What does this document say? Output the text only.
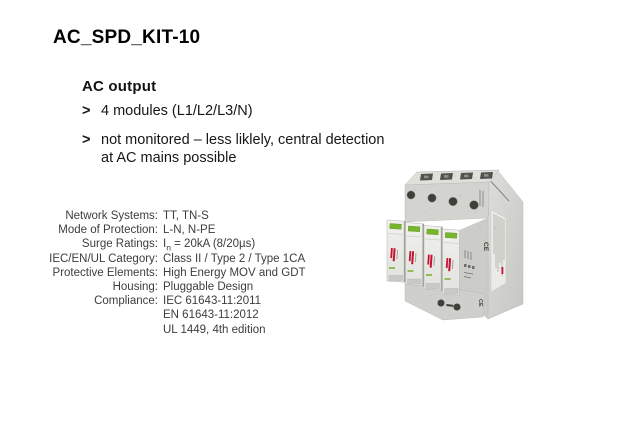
AC_SPD_KIT-10
AC output
> 4 modules (L1/L2/L3/N)
> not monitored – less liklely, central detection
at AC mains possible
Network Systems: TT, TN-S
Mode of Protection: L-N, N-PE
Surge Ratings: $I_n = 20kA$ (8/20µs)
IEC/EN/UL Category: Class II / Type 2 / Type 1CA
Protective Elements: High Energy MOV and GDT
Housing: Pluggable Design
Compliance: IEC 61643-11:2011
EN 61643-11:2012
UL 1449, 4th edition
CE
CE
